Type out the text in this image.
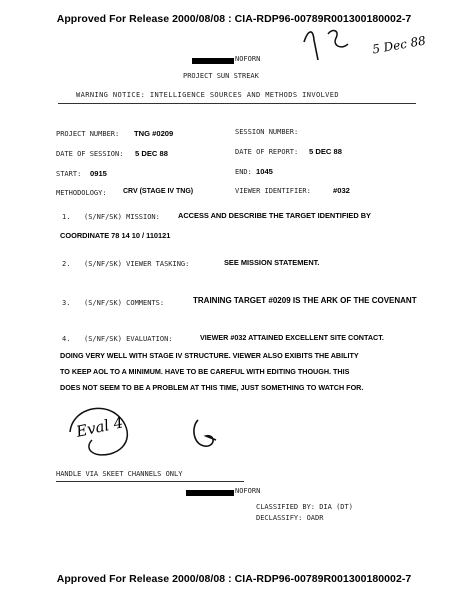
Approved For Release 2000/08/08 : CIA-RDP96-00789R001300180002-7
NOFORN
PROJECT SUN STREAK
WARNING NOTICE: INTELLIGENCE SOURCES AND METHODS INVOLVED
PROJECT NUMBER: TNG #0209	SESSION NUMBER:
DATE OF SESSION: 5 DEC 88	DATE OF REPORT: 5 DEC 88
START: 0915	END: 1045
METHODOLOGY: CRV (STAGE IV TNG)	VIEWER IDENTIFIER:	#032
1. (S/NF/SK) MISSION: ACCESS AND DESCRIBE THE TARGET IDENTIFIED BY
COORDINATE 78 14 10 / 110121
2. (S/NF/SK) VIEWER TASKING:	SEE MISSION STATEMENT.
3. (S/NF/SK) COMMENTS:	TRAINING TARGET #0209 IS THE ARK OF THE COVENANT
4. (S/NF/SK) EVALUATION:	VIEWER #032 ATTAINED EXCELLENT SITE CONTACT.
DOING VERY WELL WITH STAGE IV STRUCTURE. VIEWER ALSO EXIBITS THE ABILITY
TO KEEP AOL TO A MINIMUM. HAVE TO BE CAREFUL WITH EDITING THOUGH. THIS
DOES NOT SEEM TO BE A PROBLEM AT THIS TIME, JUST SOMETHING TO WATCH FOR.
5 Dec 88
Eval 4
HANDLE VIA SKEET CHANNELS ONLY
NOFORN
CLASSIFIED BY: DIA (DT)
DECLASSIFY: OADR
Approved For Release 2000/08/08 : CIA-RDP96-00789R001300180002-7
